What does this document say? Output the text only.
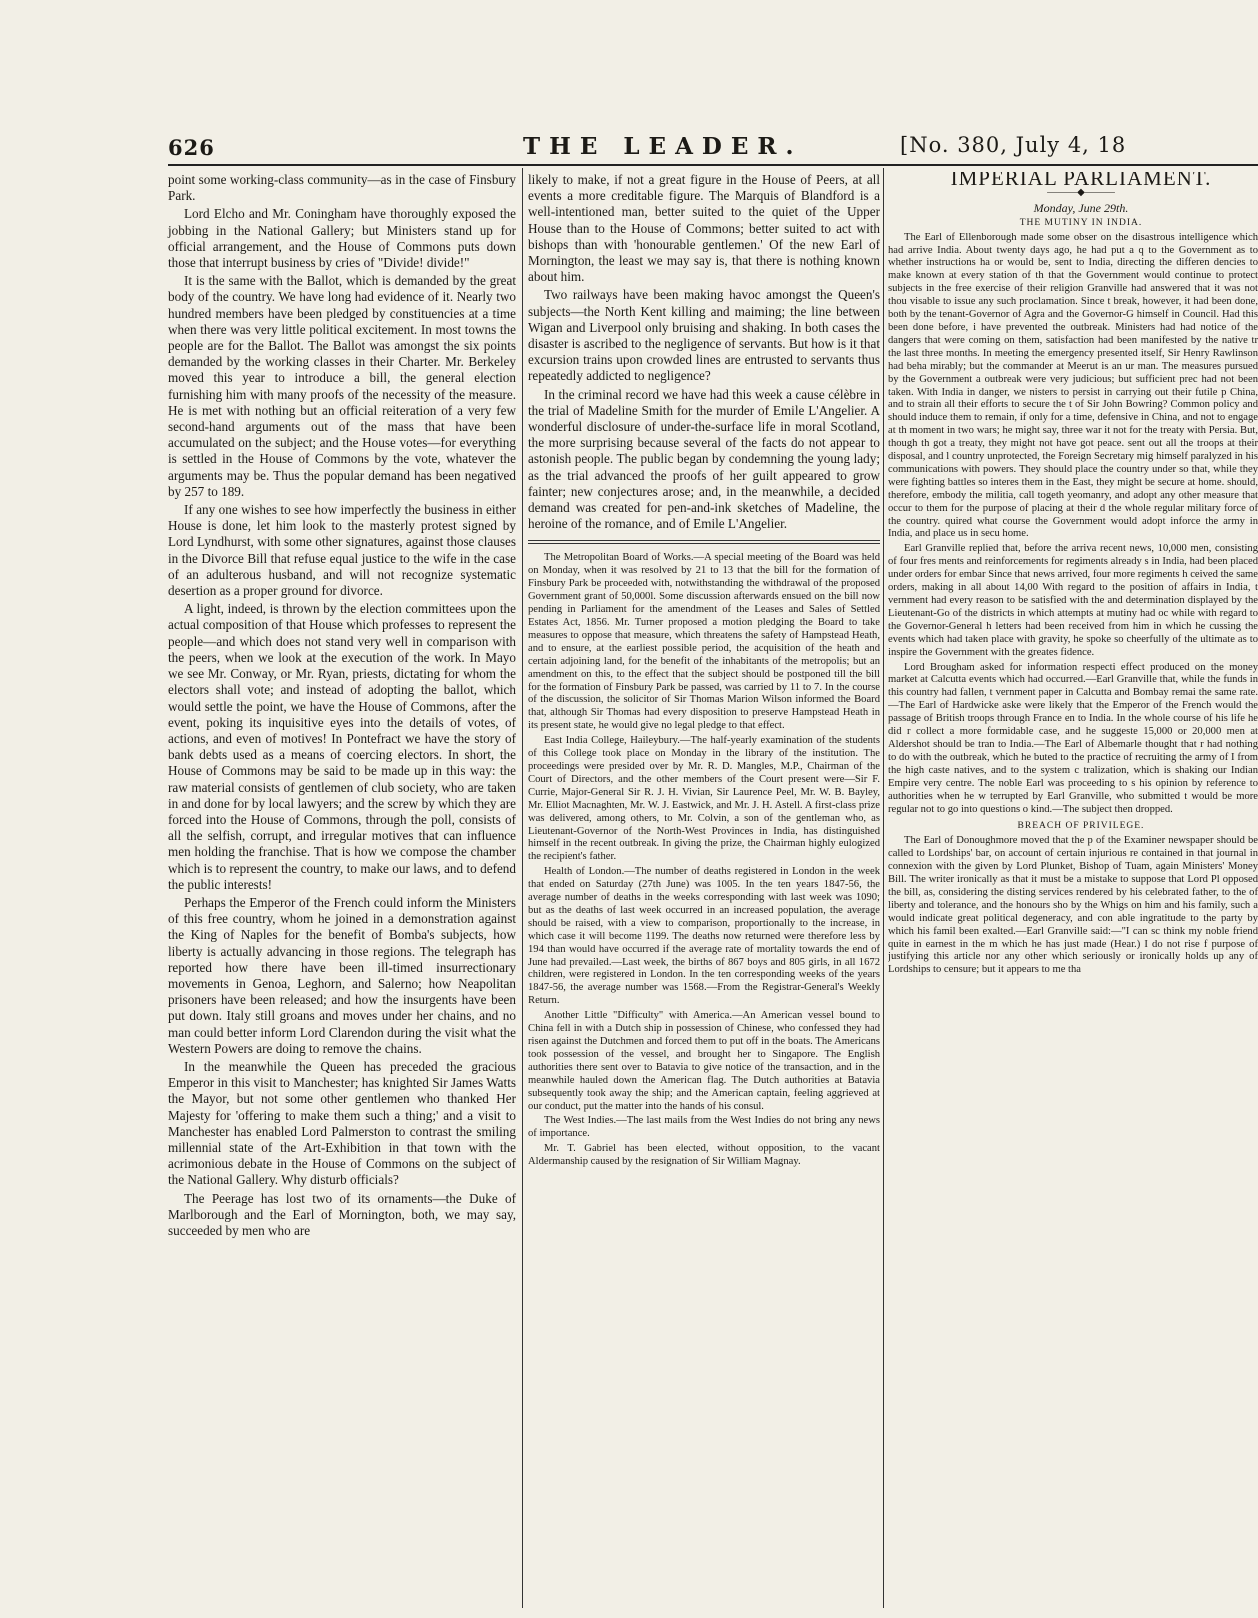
626	THE LEADER.	[No. 380, July 4, 18

point some working-class community—as in the case of Finsbury Park.

Lord Elcho and Mr. Coningham have thoroughly exposed the jobbing in the National Gallery; but Ministers stand up for official arrangement, and the House of Commons puts down those that interrupt business by cries of "Divide! divide!"

It is the same with the Ballot, which is demanded by the great body of the country. We have long had evidence of it. Nearly two hundred members have been pledged by constituencies at a time when there was very little political excitement. In most towns the people are for the Ballot. The Ballot was amongst the six points demanded by the working classes in their Charter. Mr. Berkeley moved this year to introduce a bill, the general election furnishing him with many proofs of the necessity of the measure. He is met with nothing but an official reiteration of a very few second-hand arguments out of the mass that have been accumulated on the subject; and the House votes—for everything is settled in the House of Commons by the vote, whatever the arguments may be. Thus the popular demand has been negatived by 257 to 189.

If any one wishes to see how imperfectly the business in either House is done, let him look to the masterly protest signed by Lord Lyndhurst, with some other signatures, against those clauses in the Divorce Bill that refuse equal justice to the wife in the case of an adulterous husband, and will not recognize systematic desertion as a proper ground for divorce.

A light, indeed, is thrown by the election committees upon the actual composition of that House which professes to represent the people—and which does not stand very well in comparison with the peers, when we look at the execution of the work. In Mayo we see Mr. Conway, or Mr. Ryan, priests, dictating for whom the electors shall vote; and instead of adopting the ballot, which would settle the point, we have the House of Commons, after the event, poking its inquisitive eyes into the details of votes, of actions, and even of motives! In Pontefract we have the story of bank debts used as a means of coercing electors. In short, the House of Commons may be said to be made up in this way: the raw material consists of gentlemen of club society, who are taken in and done for by local lawyers; and the screw by which they are forced into the House of Commons, through the poll, consists of all the selfish, corrupt, and irregular motives that can influence men holding the franchise. That is how we compose the chamber which is to represent the country, to make our laws, and to defend the public interests!

Perhaps the Emperor of the French could inform the Ministers of this free country, whom he joined in a demonstration against the King of Naples for the benefit of Bomba's subjects, how liberty is actually advancing in those regions. The telegraph has reported how there have been ill-timed insurrectionary movements in Genoa, Leghorn, and Salerno; how Neapolitan prisoners have been released; and how the insurgents have been put down. Italy still groans and moves under her chains, and no man could better inform Lord Clarendon during the visit what the Western Powers are doing to remove the chains.

In the meanwhile the Queen has preceded the gracious Emperor in this visit to Manchester; has knighted Sir James Watts the Mayor, but not some other gentlemen who thanked Her Majesty for 'offering to make them such a thing;' and a visit to Manchester has enabled Lord Palmerston to contrast the smiling millennial state of the Art-Exhibition in that town with the acrimonious debate in the House of Commons on the subject of the National Gallery. Why disturb officials?

The Peerage has lost two of its ornaments—the Duke of Marlborough and the Earl of Mornington, both, we may say, succeeded by men who are

likely to make, if not a great figure in the House of Peers, at all events a more creditable figure. The Marquis of Blandford is a well-intentioned man, better suited to the quiet of the Upper House than to the House of Commons; better suited to act with bishops than with 'honourable gentlemen.' Of the new Earl of Mornington, the least we may say is, that there is nothing known about him.

Two railways have been making havoc amongst the Queen's subjects—the North Kent killing and maiming; the line between Wigan and Liverpool only bruising and shaking. In both cases the disaster is ascribed to the negligence of servants. But how is it that excursion trains upon crowded lines are entrusted to servants thus repeatedly addicted to negligence?

In the criminal record we have had this week a cause célèbre in the trial of Madeline Smith for the murder of Emile L'Angelier. A wonderful disclosure of under-the-surface life in moral Scotland, the more surprising because several of the facts do not appear to astonish people. The public began by condemning the young lady; as the trial advanced the proofs of her guilt appeared to grow fainter; new conjectures arose; and, in the meanwhile, a decided demand was created for pen-and-ink sketches of Madeline, the heroine of the romance, and of Emile L'Angelier.

The Metropolitan Board of Works.—A special meeting of the Board was held on Monday, when it was resolved by 21 to 13 that the bill for the formation of Finsbury Park be proceeded with, notwithstanding the withdrawal of the proposed Government grant of 50,000l. Some discussion afterwards ensued on the bill now pending in Parliament for the amendment of the Leases and Sales of Settled Estates Act, 1856. Mr. Turner proposed a motion pledging the Board to take measures to oppose that measure, which threatens the safety of Hampstead Heath, and to ensure, at the earliest possible period, the acquisition of the heath and certain adjoining land, for the benefit of the inhabitants of the metropolis; but an amendment on this, to the effect that the subject should be postponed till the bill for the formation of Finsbury Park be passed, was carried by 11 to 7. In the course of the discussion, the solicitor of Sir Thomas Marion Wilson informed the Board that, although Sir Thomas had every disposition to preserve Hampstead Heath in its present state, he would give no legal pledge to that effect.

East India College, Haileybury.—The half-yearly examination of the students of this College took place on Monday in the library of the institution. The proceedings were presided over by Mr. R. D. Mangles, M.P., Chairman of the Court of Directors, and the other members of the Court present were—Sir F. Currie, Major-General Sir R. J. H. Vivian, Sir Laurence Peel, Mr. W. B. Bayley, Mr. Elliot Macnaghten, Mr. W. J. Eastwick, and Mr. J. H. Astell. A first-class prize was delivered, among others, to Mr. Colvin, a son of the gentleman who, as Lieutenant-Governor of the North-West Provinces in India, has distinguished himself in the recent outbreak. In giving the prize, the Chairman highly eulogized the recipient's father.

Health of London.—The number of deaths registered in London in the week that ended on Saturday (27th June) was 1005. In the ten years 1847-56, the average number of deaths in the weeks corresponding with last week was 1090; but as the deaths of last week occurred in an increased population, the average should be raised, with a view to comparison, proportionally to the increase, in which case it will become 1199. The deaths now returned were therefore less by 194 than would have occurred if the average rate of mortality towards the end of June had prevailed.—Last week, the births of 867 boys and 805 girls, in all 1672 children, were registered in London. In the ten corresponding weeks of the years 1847-56, the average number was 1568.—From the Registrar-General's Weekly Return.

Another Little "Difficulty" with America.—An American vessel bound to China fell in with a Dutch ship in possession of Chinese, who confessed they had risen against the Dutchmen and forced them to put off in the boats. The Americans took possession of the vessel, and brought her to Singapore. The English authorities there sent over to Batavia to give notice of the transaction, and in the meanwhile hauled down the American flag. The Dutch authorities at Batavia subsequently took away the ship; and the American captain, feeling aggrieved at our conduct, put the matter into the hands of his consul.

The West Indies.—The last mails from the West Indies do not bring any news of importance.

Mr. T. Gabriel has been elected, without opposition, to the vacant Aldermanship caused by the resignation of Sir William Magnay.

IMPERIAL PARLIAMENT.

———◆———

Monday, June 29th.

THE MUTINY IN INDIA.

The Earl of Ellenborough made some obser on the disastrous intelligence which had arrive India. About twenty days ago, he had put a q to the Government as to whether instructions ha or would be, sent to India, directing the differen dencies to make known at every station of th that the Government would continue to protect subjects in the free exercise of their religion Granville had answered that it was not thou visable to issue any such proclamation. Since t break, however, it had been done, both by the tenant-Governor of Agra and the Governor-G himself in Council. Had this been done before, i have prevented the outbreak. Ministers had had notice of the dangers that were coming on them, satisfaction had been manifested by the native tr the last three months. In meeting the emergency presented itself, Sir Henry Rawlinson had beha mirably; but the commander at Meerut is an ur man. The measures pursued by the Government a outbreak were very judicious; but sufficient prec had not been taken. With India in danger, we nisters to persist in carrying out their futile p China, and to strain all their efforts to secure the t of Sir John Bowring? Common policy and should induce them to remain, if only for a time, defensive in China, and not to engage at th moment in two wars; he might say, three war it not for the treaty with Persia. But, though th got a treaty, they might not have got peace. sent out all the troops at their disposal, and l country unprotected, the Foreign Secretary mig himself paralyzed in his communications with powers. They should place the country under so that, while they were fighting battles so interes them in the East, they might be secure at home. should, therefore, embody the militia, call togeth yeomanry, and adopt any other measure that occur to them for the purpose of placing at their d the whole regular military force of the country. quired what course the Government would adopt inforce the army in India, and place us in secu home.

Earl Granville replied that, before the arriva recent news, 10,000 men, consisting of four fres ments and reinforcements for regiments already s in India, had been placed under orders for embar Since that news arrived, four more regiments h ceived the same orders, making in all about 14,00 With regard to the position of affairs in India, t vernment had every reason to be satisfied with the and determination displayed by the Lieutenant-Go of the districts in which attempts at mutiny had oc while with regard to the Governor-General h letters had been received from him in which he cussing the events which had taken place with gravity, he spoke so cheerfully of the ultimate as to inspire the Government with the greates fidence.

Lord Brougham asked for information respecti effect produced on the money market at Calcutta events which had occurred.—Earl Granville that, while the funds in this country had fallen, t vernment paper in Calcutta and Bombay remai the same rate.—The Earl of Hardwicke aske were likely that the Emperor of the French would the passage of British troops through France en to India. In the whole course of his life he did r collect a more formidable case, and he suggeste 15,000 or 20,000 men at Aldershot should be tran to India.—The Earl of Albemarle thought that r had nothing to do with the outbreak, which he buted to the practice of recruiting the army of I from the high caste natives, and to the system c tralization, which is shaking our Indian Empire very centre. The noble Earl was proceeding to s his opinion by reference to authorities when he w terrupted by Earl Granville, who submitted t would be more regular not to go into questions o kind.—The subject then dropped.

BREACH OF PRIVILEGE.

The Earl of Donoughmore moved that the p of the Examiner newspaper should be called to Lordships' bar, on account of certain injurious re contained in that journal in connexion with the given by Lord Plunket, Bishop of Tuam, again Ministers' Money Bill. The writer ironically as that it must be a mistake to suppose that Lord Pl opposed the bill, as, considering the disting services rendered by his celebrated father, to the of liberty and tolerance, and the honours sho by the Whigs on him and his family, such a would indicate great political degeneracy, and con able ingratitude to the party by which his famil been exalted.—Earl Granville said:—"I can sc think my noble friend quite in earnest in the m which he has just made (Hear.) I do not rise f purpose of justifying this article nor any other which seriously or ironically holds up any of Lordships to censure; but it appears to me tha
